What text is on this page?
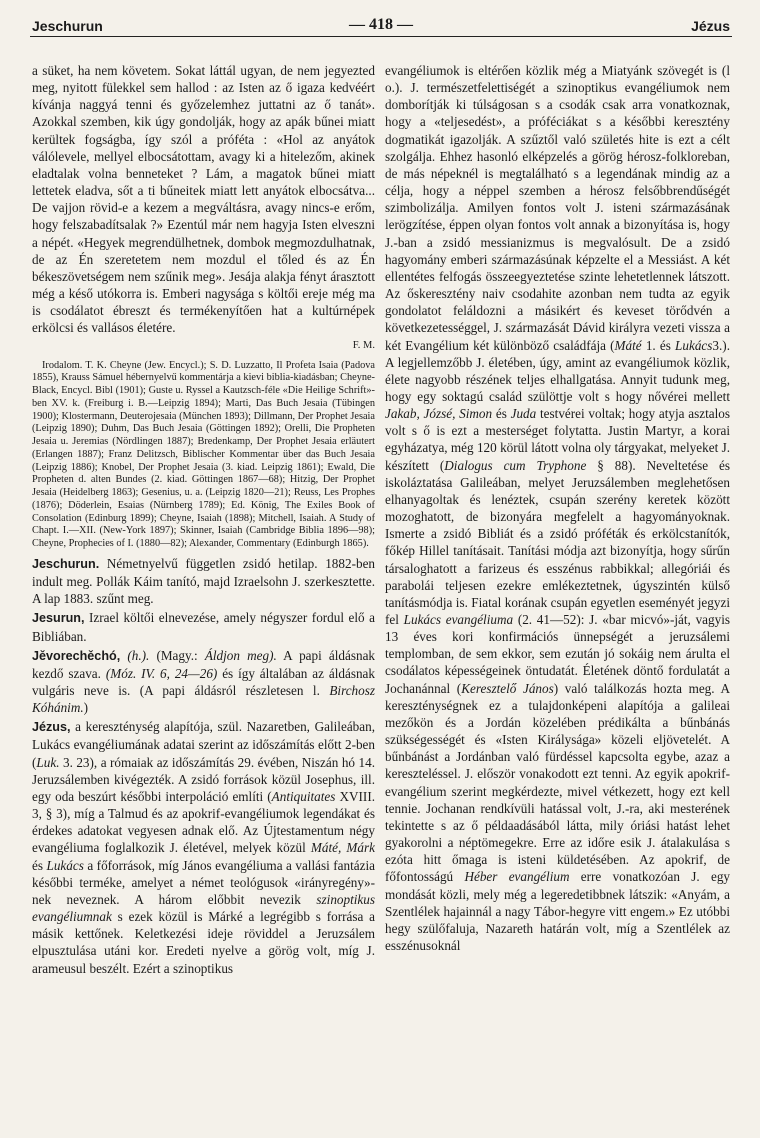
Jeschurun	— 418 —	Jézus

a süket, ha nem követem. Sokat láttál ugyan, de nem jegyezted meg, nyitott fülekkel sem hallod : az Isten az ő igaza kedvéért kívánja naggyá tenni és győzelemhez juttatni az ő tanát». Azokkal szemben, kik úgy gondolják, hogy az apák bűnei miatt kerültek fogságba, így szól a próféta : «Hol az anyátok válólevele, mellyel elbocsátottam, avagy ki a hitelezőm, akinek eladtalak volna benneteket ? Lám, a magatok bűnei miatt lettetek eladva, sőt a ti bűneitek miatt lett anyátok elbocsátva... De vajjon rövid-e a kezem a megváltásra, avagy nincs-e erőm, hogy felszabadítsalak ?» Ezentúl már nem hagyja Isten elveszni a népét. «Hegyek megrendülhetnek, dombok megmozdulhatnak, de az Én szeretetem nem mozdul el tőled és az Én békeszövetségem nem szűnik meg». Jesája alakja fényt árasztott még a késő utókorra is. Emberi nagysága s költői ereje még ma is csodálatot ébreszt és termékenyítően hat a kultúrnépek erkölcsi és vallásos életére.

F. M.

Irodalom. T. K. Cheyne (Jew. Encycl.); S. D. Luzzatto, Il Profeta Isaia (Padova 1855), Krauss Sámuel hébernyelvű kommentárja a kievi biblia-kiadásban; Cheyne-Black, Encycl. Bibl (1901); Guste u. Ryssel a Kautzsch-féle «Die Heilige Schrift»-ben XV. k. (Freiburg i. B.—Leipzig 1894); Marti, Das Buch Jesaia (Tübingen 1900); Klostermann, Deuterojesaia (München 1893); Dillmann, Der Prophet Jesaia (Leipzig 1890); Duhm, Das Buch Jesaia (Göttingen 1892); Orelli, Die Propheten Jesaia u. Jeremias (Nördlingen 1887); Bredenkamp, Der Prophet Jesaia erläutert (Erlangen 1887); Franz Delitzsch, Biblischer Kommentar über das Buch Jesaia (Leipzig 1886); Knobel, Der Prophet Jesaia (3. kiad. Leipzig 1861); Ewald, Die Propheten d. alten Bundes (2. kiad. Göttingen 1867—68); Hitzig, Der Prophet Jesaia (Heidelberg 1863); Gesenius, u. a. (Leipzig 1820—21); Reuss, Les Prophes (1876); Döderlein, Esaias (Nürnberg 1789); Ed. König, The Exiles Book of Consolation (Edinburg 1899); Cheyne, Isaiah (1898); Mitchell, Isaiah. A Study of Chapt. I.—XII. (New-York 1897); Skinner, Isaiah (Cambridge Biblia 1896—98); Cheyne, Prophecies of I. (1880—82); Alexander, Commentary (Edinburgh 1865).

Jeschurun. Németnyelvű független zsidó hetilap. 1882-ben indult meg. Pollák Káim tanító, majd Izraelsohn J. szerkesztette. A lap 1883. szűnt meg.

Jesurun, Izrael költői elnevezése, amely négyszer fordul elő a Bibliában.

Jěvorechěchó, (h.). (Magy.: Áldjon meg). A papi áldásnak kezdő szava. (Móz. IV. 6, 24—26) és így általában az áldásnak vulgáris neve is. (A papi áldásról részletesen l. Birchosz Kóhánim.)

Jézus, a kereszténység alapítója, szül. Nazaretben, Galileában, Lukács evangéliumának adatai szerint az időszámítás előtt 2-ben (Luk. 3. 23), a rómaiak az időszámítás 29. évében, Niszán hó 14. Jeruzsálemben kivégezték. A zsidó források közül Josephus, ill. egy oda beszúrt későbbi interpoláció említi (Antiquitates XVIII. 3, § 3), míg a Talmud és az apokrif-evangéliumok legendákat és érdekes adatokat vegyesen adnak elő. Az Újtestamentum négy evangéliuma foglalkozik J. életével, melyek közül Máté, Márk és Lukács a főforrások, míg János evangéliuma a vallási fantázia későbbi terméke, amelyet a német teológusok «irányregény»-nek neveznek. A három előbbit nevezik szinoptikus evangéliumnak s ezek közül is Márké a legrégibb s forrása a másik kettőnek. Keletkezési ideje röviddel a Jeruzsálem elpusztulása utáni kor. Eredeti nyelve a görög volt, míg J. arameusul beszélt. Ezért a szinoptikus

evangéliumok is eltérően közlik még a Miatyánk szövegét is (l o.). J. természetfelettiségét a szinoptikus evangéliumok nem domborítják ki túlságosan s a csodák csak arra vonatkoznak, hogy a «teljesedést», a próféciákat s a későbbi keresztény dogmatikát igazolják. A szűztől való születés hite is ezt a célt szolgálja. Ehhez hasonló elképzelés a görög hérosz-folkloreban, de más népeknél is megtalálható s a legendának mindig az a célja, hogy a néppel szemben a hérosz felsőbbrendűségét szimbolizálja. Amilyen fontos volt J. isteni származásának lerögzítése, éppen olyan fontos volt annak a bizonyítása is, hogy J.-ban a zsidó messianizmus is megvalósult. De a zsidó hagyomány emberi származásúnak képzelte el a Messiást. A két ellentétes felfogás összeegyeztetése szinte lehetetlennek látszott. Az őskeresztény naiv csodahite azonban nem tudta az egyik gondolatot feláldozni a másikért és keveset törődvén a következetességgel, J. származását Dávid királyra vezeti vissza a két Evangélium két különböző családfája (Máté 1. és Lukács3.). A legjellemzőbb J. életében, úgy, amint az evangéliumok közlik, élete nagyobb részének teljes elhallgatása. Annyit tudunk meg, hogy egy soktagú család szülöttje volt s hogy nővérei mellett Jakab, Józsé, Simon és Juda testvérei voltak; hogy atyja asztalos volt s ő is ezt a mesterséget folytatta. Justin Martyr, a korai egyházatya, még 120 körül látott volna oly tárgyakat, melyeket J. készített (Dialogus cum Tryphone § 88). Neveltetése és iskoláztatása Galileában, melyet Jeruzsálemben meglehetősen elhanyagoltak és lenéztek, csupán szerény keretek között mozoghatott, de bizonyára megfelelt a hagyományoknak. Ismerte a zsidó Bibliát és a zsidó próféták és erkölcstanítók, főkép Hillel tanításait. Tanítási módja azt bizonyítja, hogy sűrűn társaloghatott a farizeus és esszénus rabbikkal; allegóriái és parabolái teljesen ezekre emlékeztetnek, úgyszintén külső tanításmódja is. Fiatal korának csupán egyetlen eseményét jegyzi fel Lukács evangéliuma (2. 41—52): J. «bar micvó»-ját, vagyis 13 éves kori konfirmációs ünnepségét a jeruzsálemi templomban, de sem ekkor, sem ezután jó sokáig nem árulta el csodálatos képességeinek öntudatát. Életének döntő fordulatát a Jochanánnal (Keresztelő János) való találkozás hozta meg. A kereszténységnek ez a tulajdonképeni alapítója a galileai mezőkön és a Jordán közelében prédikálta a bűnbánás szükségességét és «Isten Királysága» közeli eljövetelét. A bűnbánást a Jordánban való fürdéssel kapcsolta egybe, azaz a kereszteléssel. J. először vonakodott ezt tenni. Az egyik apokrif-evangélium szerint megkérdezte, mivel vétkezett, hogy ezt kell tennie. Jochanan rendkívüli hatással volt, J.-ra, aki mesterének tekintette s az ő példaadásából látta, mily óriási hatást lehet gyakorolni a néptömegekre. Erre az időre esik J. átalakulása s ezóta hitt őmaga is isteni küldetésében. Az apokrif, de főfontosságú Héber evangélium erre vonatkozóan J. egy mondását közli, mely még a legeredetibbnek látszik: «Anyám, a Szentlélek hajainnál a nagy Tábor-hegyre vitt engem.» Ez utóbbi hegy szülőfaluja, Nazareth határán volt, míg a Szentlélek az esszénusoknál
